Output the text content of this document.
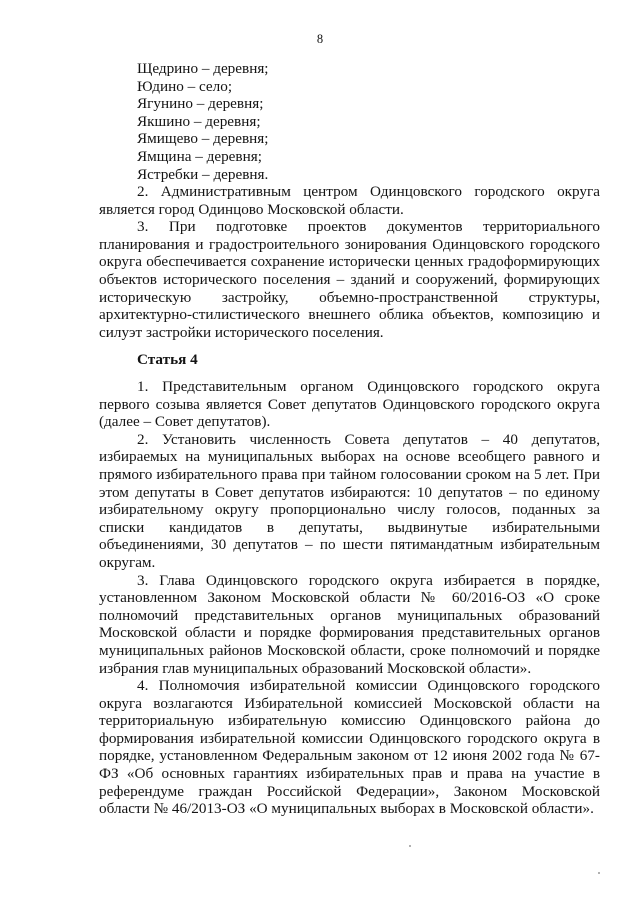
8
Щедрино – деревня;
Юдино – село;
Ягунино – деревня;
Якшино – деревня;
Ямищево – деревня;
Ямщина – деревня;
Ястребки – деревня.

2. Административным центром Одинцовского городского округа является город Одинцово Московской области.

3. При подготовке проектов документов территориального планирования и градостроительного зонирования Одинцовского городского округа обеспечивается сохранение исторически ценных градоформирующих объектов исторического поселения – зданий и сооружений, формирующих историческую застройку, объемно-пространственной структуры, архитектурно-стилистического внешнего облика объектов, композицию и силуэт застройки исторического поселения.

Статья 4

1. Представительным органом Одинцовского городского округа первого созыва является Совет депутатов Одинцовского городского округа (далее – Совет депутатов).

2. Установить численность Совета депутатов – 40 депутатов, избираемых на муниципальных выборах на основе всеобщего равного и прямого избирательного права при тайном голосовании сроком на 5 лет. При этом депутаты в Совет депутатов избираются: 10 депутатов – по единому избирательному округу пропорционально числу голосов, поданных за списки кандидатов в депутаты, выдвинутые избирательными объединениями, 30 депутатов – по шести пятимандатным избирательным округам.

3. Глава Одинцовского городского округа избирается в порядке, установленном Законом Московской области № 60/2016-ОЗ «О сроке полномочий представительных органов муниципальных образований Московской области и порядке формирования представительных органов муниципальных районов Московской области, сроке полномочий и порядке избрания глав муниципальных образований Московской области».

4. Полномочия избирательной комиссии Одинцовского городского округа возлагаются Избирательной комиссией Московской области на территориальную избирательную комиссию Одинцовского района до формирования избирательной комиссии Одинцовского городского округа в порядке, установленном Федеральным законом от 12 июня 2002 года № 67-ФЗ «Об основных гарантиях избирательных прав и права на участие в референдуме граждан Российской Федерации», Законом Московской области № 46/2013-ОЗ «О муниципальных выборах в Московской области».
